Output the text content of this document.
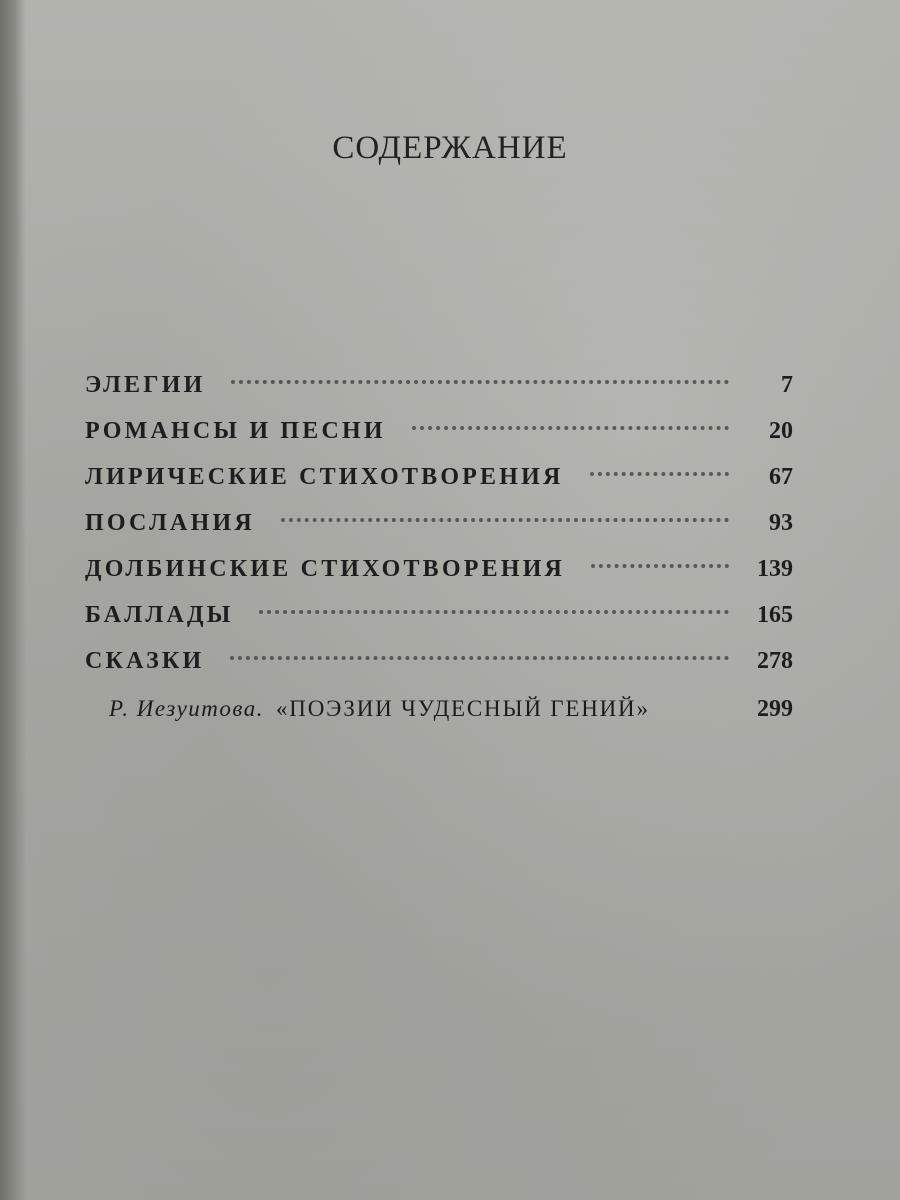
СОДЕРЖАНИЕ
ЭЛЕГИИ	7
РОМАНСЫ И ПЕСНИ	20
ЛИРИЧЕСКИЕ СТИХОТВОРЕНИЯ	67
ПОСЛАНИЯ	93
ДОЛБИНСКИЕ СТИХОТВОРЕНИЯ	139
БАЛЛАДЫ	165
СКАЗКИ	278
Р. Иезуитова. «ПОЭЗИИ ЧУДЕСНЫЙ ГЕНИЙ»	299
